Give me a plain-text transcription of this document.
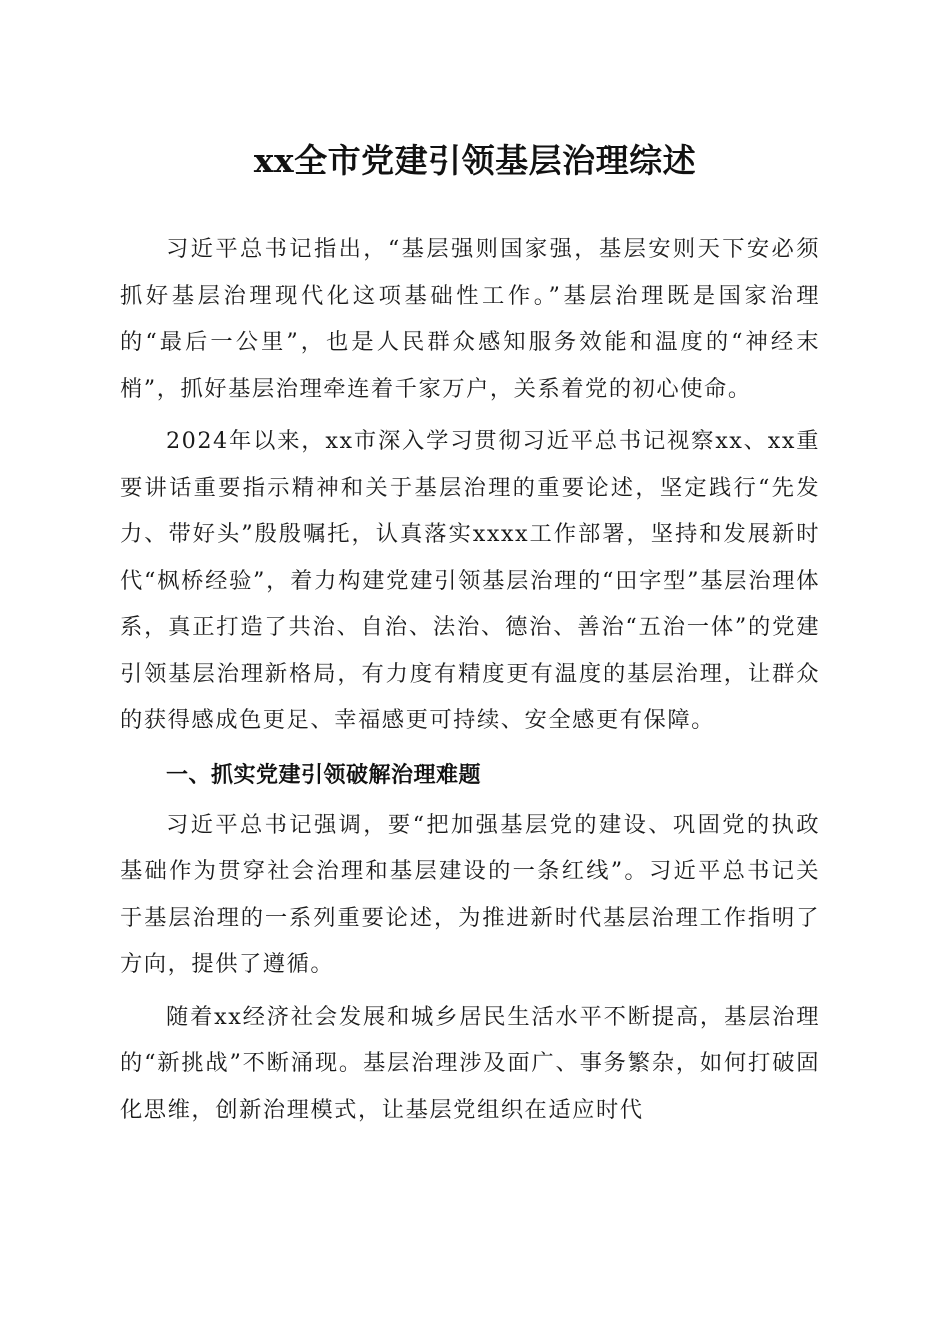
xx全市党建引领基层治理综述

习近平总书记指出，“基层强则国家强，基层安则天下安必须抓好基层治理现代化这项基础性工作。”基层治理既是国家治理的“最后一公里”，也是人民群众感知服务效能和温度的“神经末梢”，抓好基层治理牵连着千家万户，关系着党的初心使命。

2024年以来，xx市深入学习贯彻习近平总书记视察xx、xx重要讲话重要指示精神和关于基层治理的重要论述，坚定践行“先发力、带好头”殷殷嘱托，认真落实xxxx工作部署，坚持和发展新时代“枫桥经验”，着力构建党建引领基层治理的“田字型”基层治理体系，真正打造了共治、自治、法治、德治、善治“五治一体”的党建引领基层治理新格局，有力度有精度更有温度的基层治理，让群众的获得感成色更足、幸福感更可持续、安全感更有保障。

一、抓实党建引领破解治理难题

习近平总书记强调，要“把加强基层党的建设、巩固党的执政基础作为贯穿社会治理和基层建设的一条红线”。习近平总书记关于基层治理的一系列重要论述，为推进新时代基层治理工作指明了方向，提供了遵循。

随着xx经济社会发展和城乡居民生活水平不断提高，基层治理的“新挑战”不断涌现。基层治理涉及面广、事务繁杂，如何打破固化思维，创新治理模式，让基层党组织在适应时代
